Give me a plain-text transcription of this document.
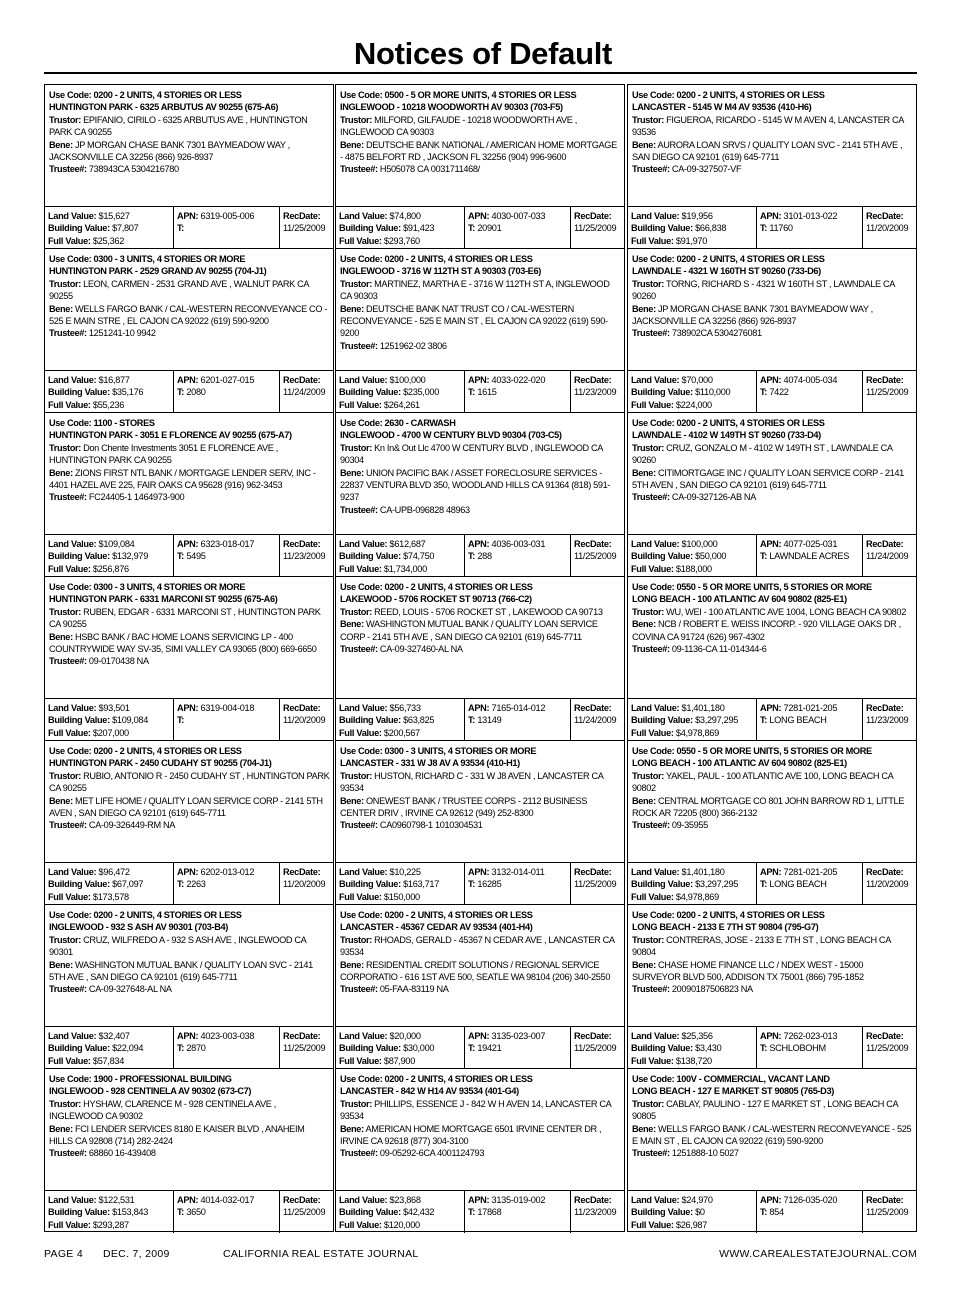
Notices of Default
Use Code: 0200 - 2 UNITS, 4 STORIES OR LESS
HUNTINGTON PARK - 6325 ARBUTUS AV 90255 (675-A6)
Trustor: EPIFANIO, CIRILO - 6325 ARBUTUS AVE , HUNTINGTON PARK CA 90255
Bene: JP MORGAN CHASE BANK 7301 BAYMEADOW WAY , JACKSONVILLE CA 32256 (866) 926-8937
Trustee#: 738943CA 5304216780
Land Value: $15,627
Building Value: $7,807
Full Value: $25,362
APN: 6319-005-006
T:
RecDate:
11/25/2009
Use Code: 0300 - 3 UNITS, 4 STORIES OR MORE
HUNTINGTON PARK - 2529 GRAND AV 90255 (704-J1)
Trustor: LEON, CARMEN - 2531 GRAND AVE , WALNUT PARK CA 90255
Bene: WELLS FARGO BANK / CAL-WESTERN RECONVEYANCE CO - 525 E MAIN STRE , EL CAJON CA 92022 (619) 590-9200
Trustee#: 1251241-10 9942
Land Value: $16,877
Building Value: $35,176
Full Value: $55,236
APN: 6201-027-015
T: 2080
RecDate:
11/24/2009
Use Code: 1100 - STORES
HUNTINGTON PARK - 3051 E FLORENCE AV 90255 (675-A7)
Trustor: Don Chente Investments 3051 E FLORENCE AVE , HUNTINGTON PARK CA 90255
Bene: ZIONS FIRST NTL BANK / MORTGAGE LENDER SERV, INC - 4401 HAZEL AVE 225, FAIR OAKS CA 95628 (916) 962-3453
Trustee#: FC24405-1 1464973-900
Land Value: $109,084
Building Value: $132,979
Full Value: $256,876
APN: 6323-018-017
T: 5495
RecDate:
11/23/2009
Use Code: 0300 - 3 UNITS, 4 STORIES OR MORE
HUNTINGTON PARK - 6331 MARCONI ST 90255 (675-A6)
Trustor: RUBEN, EDGAR - 6331 MARCONI ST , HUNTINGTON PARK CA 90255
Bene: HSBC BANK / BAC HOME LOANS SERVICING LP - 400 COUNTRYWIDE WAY SV-35, SIMI VALLEY CA 93065 (800) 669-6650
Trustee#: 09-0170438 NA
Land Value: $93,501
Building Value: $109,084
Full Value: $207,000
APN: 6319-004-018
T:
RecDate:
11/20/2009
Use Code: 0200 - 2 UNITS, 4 STORIES OR LESS
HUNTINGTON PARK - 2450 CUDAHY ST 90255 (704-J1)
Trustor: RUBIO, ANTONIO R - 2450 CUDAHY ST , HUNTINGTON PARK CA 90255
Bene: MET LIFE HOME / QUALITY LOAN SERVICE CORP - 2141 5TH AVEN , SAN DIEGO CA 92101 (619) 645-7711
Trustee#: CA-09-326449-RM NA
Land Value: $96,472
Building Value: $67,097
Full Value: $173,578
APN: 6202-013-012
T: 2263
RecDate:
11/20/2009
Use Code: 0200 - 2 UNITS, 4 STORIES OR LESS
INGLEWOOD - 932 S ASH AV 90301 (703-B4)
Trustor: CRUZ, WILFREDO A - 932 S ASH AVE , INGLEWOOD CA 90301
Bene: WASHINGTON MUTUAL BANK / QUALITY LOAN SVC - 2141 5TH AVE , SAN DIEGO CA 92101 (619) 645-7711
Trustee#: CA-09-327648-AL NA
Land Value: $32,407
Building Value: $22,094
Full Value: $57,834
APN: 4023-003-038
T: 2870
RecDate:
11/25/2009
Use Code: 1900 - PROFESSIONAL BUILDING
INGLEWOOD - 928 CENTINELA AV 90302 (673-C7)
Trustor: HYSHAW, CLARENCE M - 928 CENTINELA AVE , INGLEWOOD CA 90302
Bene: FCI LENDER SERVICES 8180 E KAISER BLVD , ANAHEIM HILLS CA 92808 (714) 282-2424
Trustee#: 68860 16-439408
Land Value: $122,531
Building Value: $153,843
Full Value: $293,287
APN: 4014-032-017
T: 3650
RecDate:
11/25/2009
Use Code: 0500 - 5 OR MORE UNITS, 4 STORIES OR LESS
INGLEWOOD - 10218 WOODWORTH AV 90303 (703-F5)
Trustor: MILFORD, GILFAUDE - 10218 WOODWORTH AVE , INGLEWOOD CA 90303
Bene: DEUTSCHE BANK NATIONAL / AMERICAN HOME MORTGAGE - 4875 BELFORT RD , JACKSON FL 32256 (904) 996-9600
Trustee#: H505078 CA 0031711468/
Land Value: $74,800
Building Value: $91,423
Full Value: $293,760
APN: 4030-007-033
T: 20901
RecDate:
11/25/2009
Use Code: 0200 - 2 UNITS, 4 STORIES OR LESS
INGLEWOOD - 3716 W 112TH ST A 90303 (703-E6)
Trustor: MARTINEZ, MARTHA E - 3716 W 112TH ST A, INGLEWOOD CA 90303
Bene: DEUTSCHE BANK NAT TRUST CO / CAL-WESTERN RECONVEYANCE - 525 E MAIN ST , EL CAJON CA 92022 (619) 590-9200
Trustee#: 1251962-02 3806
Land Value: $100,000
Building Value: $235,000
Full Value: $264,261
APN: 4033-022-020
T: 1615
RecDate:
11/23/2009
Use Code: 2630 - CARWASH
INGLEWOOD - 4700 W CENTURY BLVD 90304 (703-C5)
Trustor: Kn In& Out Llc 4700 W CENTURY BLVD , INGLEWOOD CA 90304
Bene: UNION PACIFIC BAK / ASSET FORECLOSURE SERVICES - 22837 VENTURA BLVD 350, WOODLAND HILLS CA 91364 (818) 591-9237
Trustee#: CA-UPB-096828 48963
Land Value: $612,687
Building Value: $74,750
Full Value: $1,734,000
APN: 4036-003-031
T: 288
RecDate:
11/25/2009
Use Code: 0200 - 2 UNITS, 4 STORIES OR LESS
LAKEWOOD - 5706 ROCKET ST 90713 (766-C2)
Trustor: REED, LOUIS - 5706 ROCKET ST , LAKEWOOD CA 90713
Bene: WASHINGTON MUTUAL BANK / QUALITY LOAN SERVICE CORP - 2141 5TH AVE , SAN DIEGO CA 92101 (619) 645-7711
Trustee#: CA-09-327460-AL NA
Land Value: $56,733
Building Value: $63,825
Full Value: $200,567
APN: 7165-014-012
T: 13149
RecDate:
11/24/2009
Use Code: 0300 - 3 UNITS, 4 STORIES OR MORE
LANCASTER - 331 W J8 AV A 93534 (410-H1)
Trustor: HUSTON, RICHARD C - 331 W J8 AVEN , LANCASTER CA 93534
Bene: ONEWEST BANK / TRUSTEE CORPS - 2112 BUSINESS CENTER DRIV , IRVINE CA 92612 (949) 252-8300
Trustee#: CA0960798-1 1010304531
Land Value: $10,225
Building Value: $163,717
Full Value: $150,000
APN: 3132-014-011
T: 16285
RecDate:
11/25/2009
Use Code: 0200 - 2 UNITS, 4 STORIES OR LESS
LANCASTER - 45367 CEDAR AV 93534 (401-H4)
Trustor: RHOADS, GERALD - 45367 N CEDAR AVE , LANCASTER CA 93534
Bene: RESIDENTIAL CREDIT SOLUTIONS / REGIONAL SERVICE CORPORATIO - 616 1ST AVE 500, SEATLE WA 98104 (206) 340-2550
Trustee#: 05-FAA-83119 NA
Land Value: $20,000
Building Value: $30,000
Full Value: $87,900
APN: 3135-023-007
T: 19421
RecDate:
11/25/2009
Use Code: 0200 - 2 UNITS, 4 STORIES OR LESS
LANCASTER - 842 W H14 AV 93534 (401-G4)
Trustor: PHILLIPS, ESSENCE J - 842 W H AVEN 14, LANCASTER CA 93534
Bene: AMERICAN HOME MORTGAGE 6501 IRVINE CENTER DR , IRVINE CA 92618 (877) 304-3100
Trustee#: 09-05292-6CA 4001124793
Land Value: $23,868
Building Value: $42,432
Full Value: $120,000
APN: 3135-019-002
T: 17868
RecDate:
11/23/2009
Use Code: 0200 - 2 UNITS, 4 STORIES OR LESS
LANCASTER - 5145 W M4 AV 93536 (410-H6)
Trustor: FIGUEROA, RICARDO - 5145 W M AVEN 4, LANCASTER CA 93536
Bene: AURORA LOAN SRVS / QUALITY LOAN SVC - 2141 5TH AVE , SAN DIEGO CA 92101 (619) 645-7711
Trustee#: CA-09-327507-VF
Land Value: $19,956
Building Value: $66,838
Full Value: $91,970
APN: 3101-013-022
T: 11760
RecDate:
11/20/2009
Use Code: 0200 - 2 UNITS, 4 STORIES OR LESS
LAWNDALE - 4321 W 160TH ST 90260 (733-D6)
Trustor: TORNG, RICHARD S - 4321 W 160TH ST , LAWNDALE CA 90260
Bene: JP MORGAN CHASE BANK 7301 BAYMEADOW WAY , JACKSONVILLE CA 32256 (866) 926-8937
Trustee#: 738902CA 5304276081
Land Value: $70,000
Building Value: $110,000
Full Value: $224,000
APN: 4074-005-034
T: 7422
RecDate:
11/25/2009
Use Code: 0200 - 2 UNITS, 4 STORIES OR LESS
LAWNDALE - 4102 W 149TH ST 90260 (733-D4)
Trustor: CRUZ, GONZALO M - 4102 W 149TH ST , LAWNDALE CA 90260
Bene: CITIMORTGAGE INC / QUALITY LOAN SERVICE CORP - 2141 5TH AVEN , SAN DIEGO CA 92101 (619) 645-7711
Trustee#: CA-09-327126-AB NA
Land Value: $100,000
Building Value: $50,000
Full Value: $188,000
APN: 4077-025-031
T: LAWNDALE ACRES
RecDate:
11/24/2009
Use Code: 0550 - 5 OR MORE UNITS, 5 STORIES OR MORE
LONG BEACH - 100 ATLANTIC AV 604 90802 (825-E1)
Trustor: WU, WEI - 100 ATLANTIC AVE 1004, LONG BEACH CA 90802
Bene: NCB / ROBERT E. WEISS INCORP. - 920 VILLAGE OAKS DR , COVINA CA 91724 (626) 967-4302
Trustee#: 09-1136-CA 11-014344-6
Land Value: $1,401,180
Building Value: $3,297,295
Full Value: $4,978,869
APN: 7281-021-205
T: LONG BEACH
RecDate:
11/23/2009
Use Code: 0550 - 5 OR MORE UNITS, 5 STORIES OR MORE
LONG BEACH - 100 ATLANTIC AV 604 90802 (825-E1)
Trustor: YAKEL, PAUL - 100 ATLANTIC AVE 100, LONG BEACH CA 90802
Bene: CENTRAL MORTGAGE CO 801 JOHN BARROW RD 1, LITTLE ROCK AR 72205 (800) 366-2132
Trustee#: 09-35955
Land Value: $1,401,180
Building Value: $3,297,295
Full Value: $4,978,869
APN: 7281-021-205
T: LONG BEACH
RecDate:
11/20/2009
Use Code: 0200 - 2 UNITS, 4 STORIES OR LESS
LONG BEACH - 2133 E 7TH ST 90804 (795-G7)
Trustor: CONTRERAS, JOSE - 2133 E 7TH ST , LONG BEACH CA 90804
Bene: CHASE HOME FINANCE LLC / NDEX WEST - 15000 SURVEYOR BLVD 500, ADDISON TX 75001 (866) 795-1852
Trustee#: 20090187506823 NA
Land Value: $25,356
Building Value: $3,430
Full Value: $138,720
APN: 7262-023-013
T: SCHLOBOHM
RecDate:
11/25/2009
Use Code: 100V - COMMERCIAL, VACANT LAND
LONG BEACH - 127 E MARKET ST 90805 (765-D3)
Trustor: CABLAY, PAULINO - 127 E MARKET ST , LONG BEACH CA 90805
Bene: WELLS FARGO BANK / CAL-WESTERN RECONVEYANCE - 525 E MAIN ST , EL CAJON CA 92022 (619) 590-9200
Trustee#: 1251888-10 5027
Land Value: $24,970
Building Value: $0
Full Value: $26,987
APN: 7126-035-020
T: 854
RecDate:
11/25/2009
PAGE 4 DEC. 7, 2009	CALIFORNIA REAL ESTATE JOURNAL	WWW.CAREALESTATEJOURNAL.COM
